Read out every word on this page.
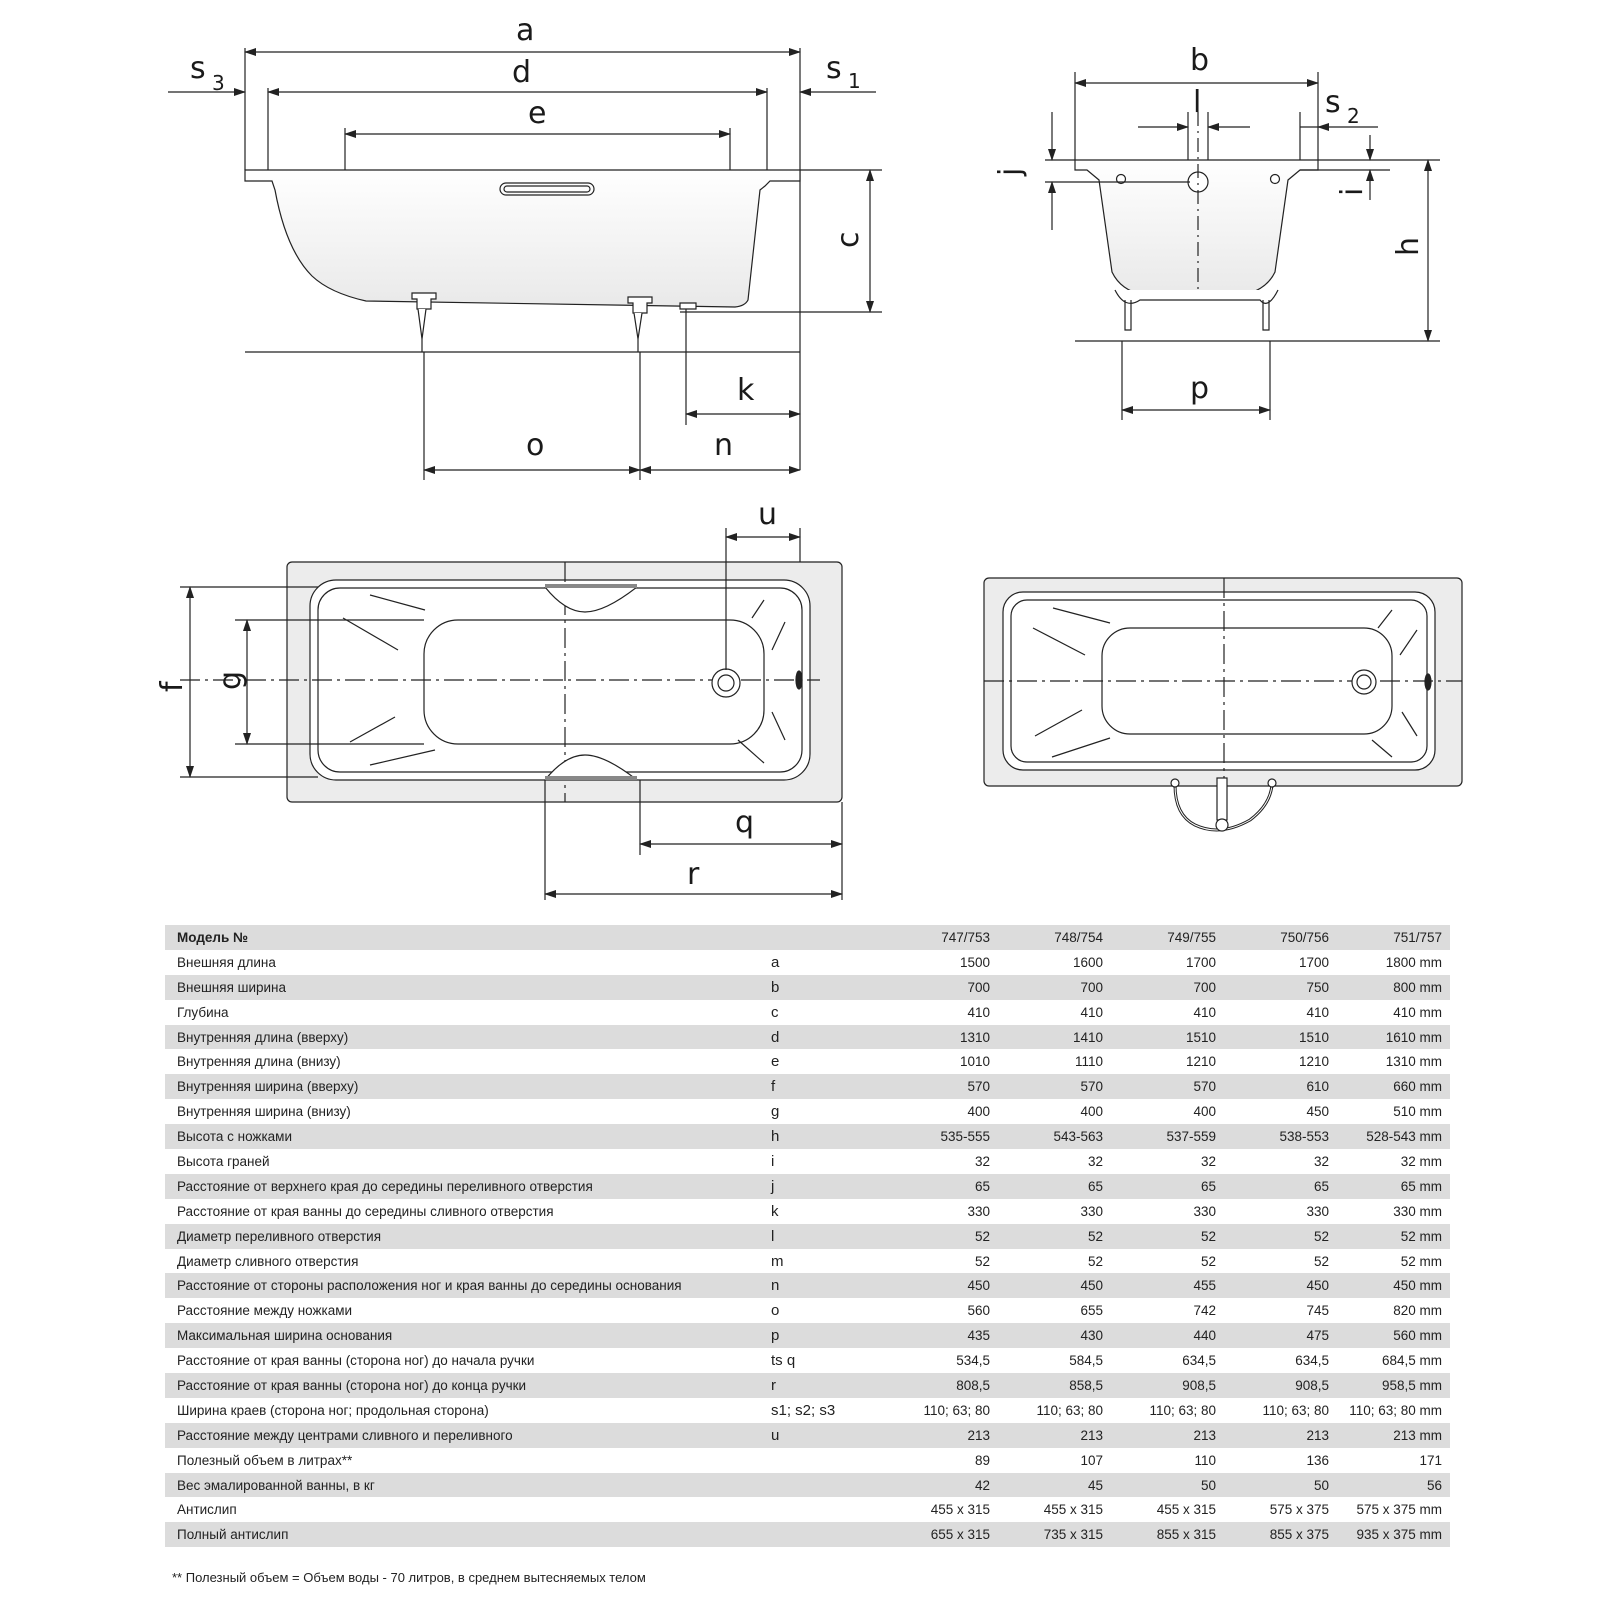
a
d
e
s 3	s 1
c
k
o	n
b
l	s 2
j
i
h
p
u
f g
q
r
Модель №		747/753	748/754	749/755	750/756	751/757
Внешняя длина	a	1500	1600	1700	1700	1800 mm
Внешняя ширина	b	700	700	700	750	800 mm
Глубина	c	410	410	410	410	410 mm
Внутренняя длина (вверху)	d	1310	1410	1510	1510	1610 mm
Внутренняя длина (внизу)	e	1010	1110	1210	1210	1310 mm
Внутренняя ширина (вверху)	f	570	570	570	610	660 mm
Внутренняя ширина (внизу)	g	400	400	400	450	510 mm
Высота с ножками	h	535-555	543-563	537-559	538-553	528-543 mm
Высота граней	i	32	32	32	32	32 mm
Расстояние от верхнего края до середины переливного отверстия	j	65	65	65	65	65 mm
Расстояние от края ванны до середины сливного отверстия	k	330	330	330	330	330 mm
Диаметр переливного отверстия	l	52	52	52	52	52 mm
Диаметр сливного отверстия	m	52	52	52	52	52 mm
Расстояние от стороны расположения ног и края ванны до середины основания	n	450	450	455	450	450 mm
Расстояние между ножками	o	560	655	742	745	820 mm
Максимальная ширина основания	p	435	430	440	475	560 mm
Расстояние от края ванны (сторона ног) до начала ручки	ts q	534,5	584,5	634,5	634,5	684,5 mm
Расстояние от края ванны (сторона ног) до конца ручки	r	808,5	858,5	908,5	908,5	958,5 mm
Ширина краев (сторона ног; продольная сторона)	s1; s2; s3	110; 63; 80	110; 63; 80	110; 63; 80	110; 63; 80	110; 63; 80 mm
Расстояние между центрами сливного и переливного	u	213	213	213	213	213 mm
Полезный объем в литрах**		89	107	110	136	171
Вес эмалированной ванны, в кг		42	45	50	50	56
Антислип		455 x 315	455 x 315	455 x 315	575 x 375	575 x 375 mm
Полный антислип		655 x 315	735 x 315	855 x 315	855 x 375	935 x 375 mm
** Полезный объем = Объем воды - 70 литров, в среднем вытесняемых телом
